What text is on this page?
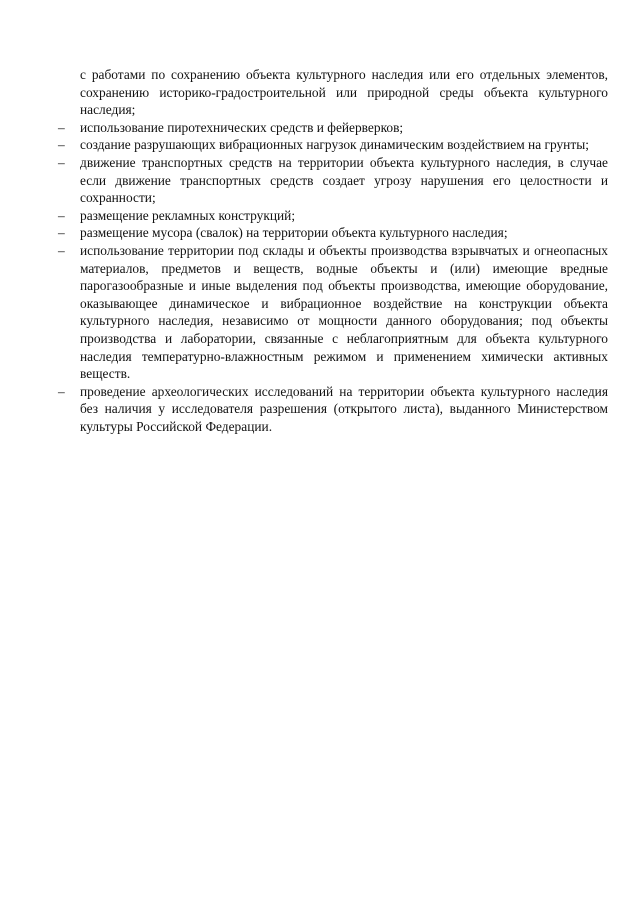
с работами по сохранению объекта культурного наследия или его отдельных элементов, сохранению историко-градостроительной или природной среды объекта культурного наследия;

– использование пиротехнических средств и фейерверков;

– создание разрушающих вибрационных нагрузок динамическим воздействием на грунты;

– движение транспортных средств на территории объекта культурного наследия, в случае если движение транспортных средств создает угрозу нарушения его целостности и сохранности;

– размещение рекламных конструкций;

– размещение мусора (свалок) на территории объекта культурного наследия;

– использование территории под склады и объекты производства взрывчатых и огнеопасных материалов, предметов и веществ, водные объекты и (или) имеющие вредные парогазообразные и иные выделения под объекты производства, имеющие оборудование, оказывающее динамическое и вибрационное воздействие на конструкции объекта культурного наследия, независимо от мощности данного оборудования; под объекты производства и лаборатории, связанные с неблагоприятным для объекта культурного наследия температурно-влажностным режимом и применением химически активных веществ.

– проведение археологических исследований на территории объекта культурного наследия без наличия у исследователя разрешения (открытого листа), выданного Министерством культуры Российской Федерации.
